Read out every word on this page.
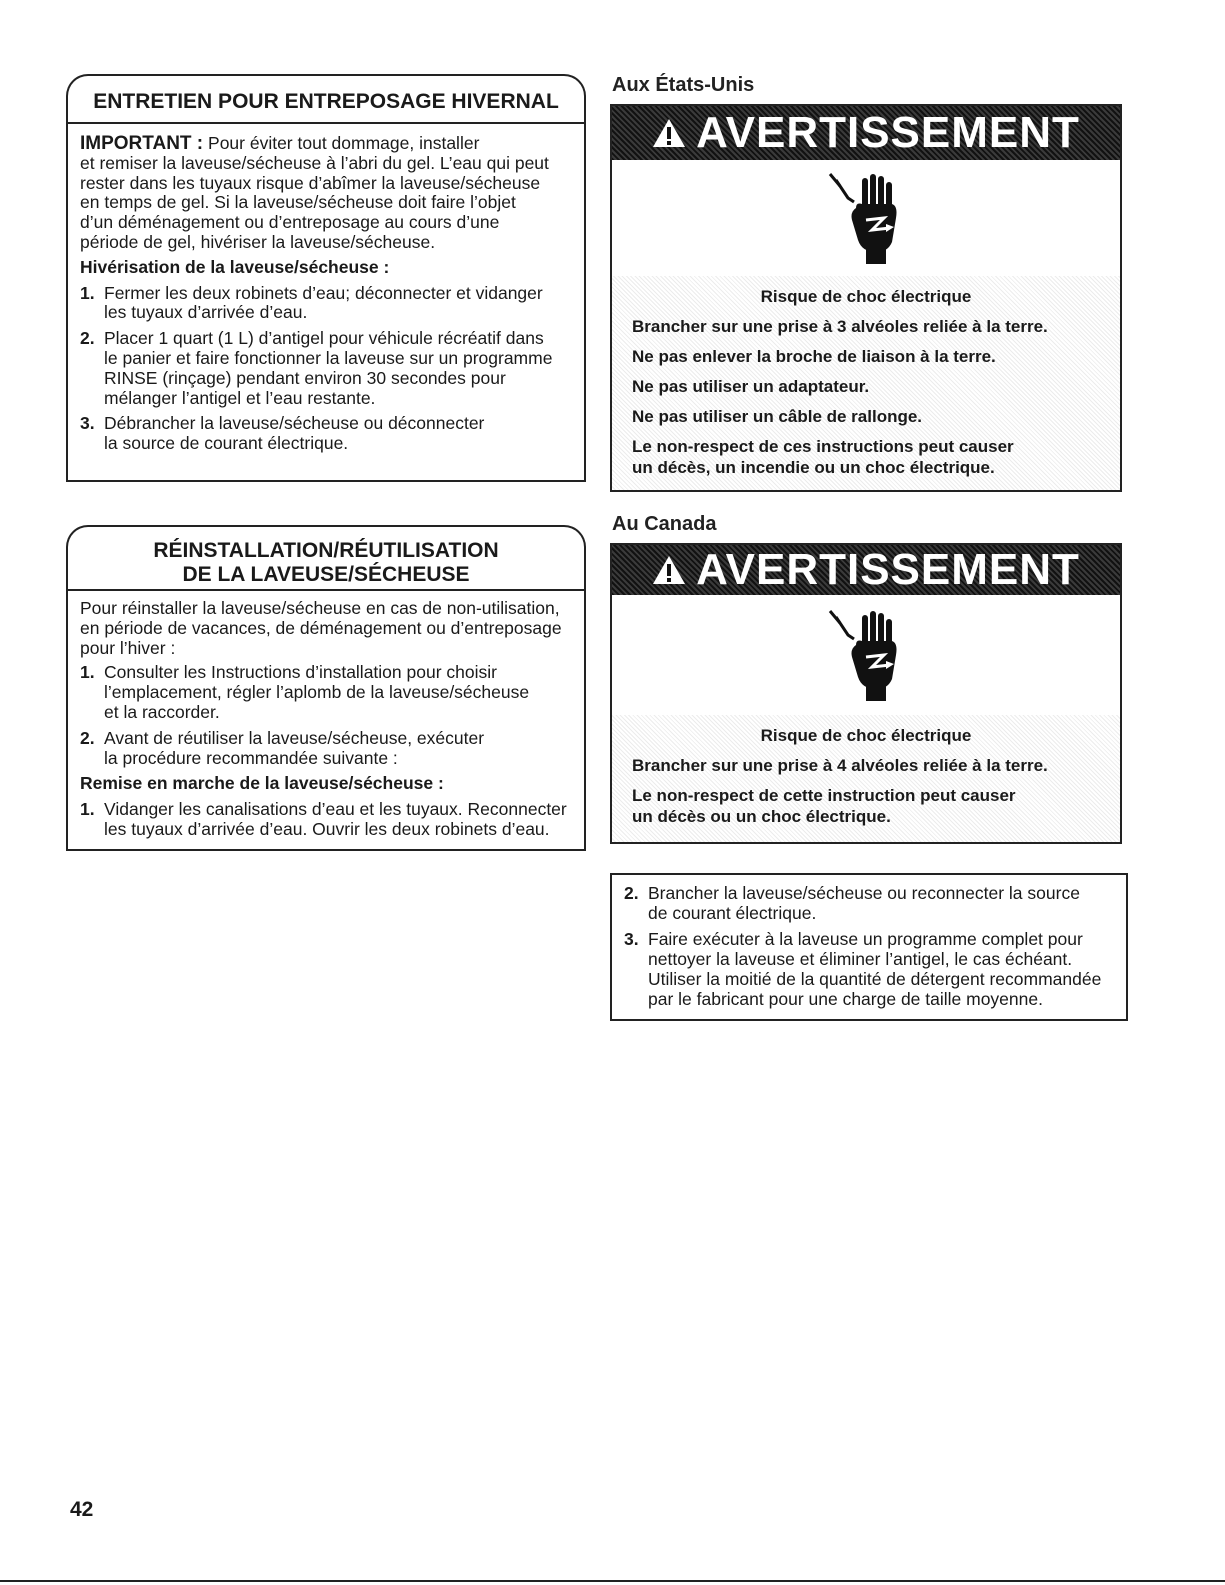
ENTRETIEN POUR ENTREPOSAGE HIVERNAL

IMPORTANT : Pour éviter tout dommage, installer
et remiser la laveuse/sécheuse à l’abri du gel. L’eau qui peut
rester dans les tuyaux risque d’abîmer la laveuse/sécheuse
en temps de gel. Si la laveuse/sécheuse doit faire l’objet
d’un déménagement ou d’entreposage au cours d’une
période de gel, hivériser la laveuse/sécheuse.

Hivérisation de la laveuse/sécheuse :
1. Fermer les deux robinets d’eau; déconnecter et vidanger
les tuyaux d’arrivée d’eau.
2. Placer 1 quart (1 L) d’antigel pour véhicule récréatif dans
le panier et faire fonctionner la laveuse sur un programme
RINSE (rinçage) pendant environ 30 secondes pour
mélanger l’antigel et l’eau restante.
3. Débrancher la laveuse/sécheuse ou déconnecter
la source de courant électrique.
RÉINSTALLATION/RÉUTILISATION
DE LA LAVEUSE/SÉCHEUSE

Pour réinstaller la laveuse/sécheuse en cas de non-utilisation,
en période de vacances, de déménagement ou d’entreposage
pour l’hiver :

1. Consulter les Instructions d’installation pour choisir
l’emplacement, régler l’aplomb de la laveuse/sécheuse
et la raccorder.
2. Avant de réutiliser la laveuse/sécheuse, exécuter
la procédure recommandée suivante :
Remise en marche de la laveuse/sécheuse :
1. Vidanger les canalisations d’eau et les tuyaux. Reconnecter
les tuyaux d’arrivée d’eau. Ouvrir les deux robinets d’eau.
Aux États-Unis
AVERTISSEMENT
Risque de choc électrique
Brancher sur une prise à 3 alvéoles reliée à la terre.
Ne pas enlever la broche de liaison à la terre.
Ne pas utiliser un adaptateur.
Ne pas utiliser un câble de rallonge.
Le non-respect de ces instructions peut causer
un décès, un incendie ou un choc électrique.
Au Canada
AVERTISSEMENT
Risque de choc électrique
Brancher sur une prise à 4 alvéoles reliée à la terre.
Le non-respect de cette instruction peut causer
un décès ou un choc électrique.
2. Brancher la laveuse/sécheuse ou reconnecter la source
de courant électrique.
3. Faire exécuter à la laveuse un programme complet pour
nettoyer la laveuse et éliminer l’antigel, le cas échéant.
Utiliser la moitié de la quantité de détergent recommandée
par le fabricant pour une charge de taille moyenne.
42
